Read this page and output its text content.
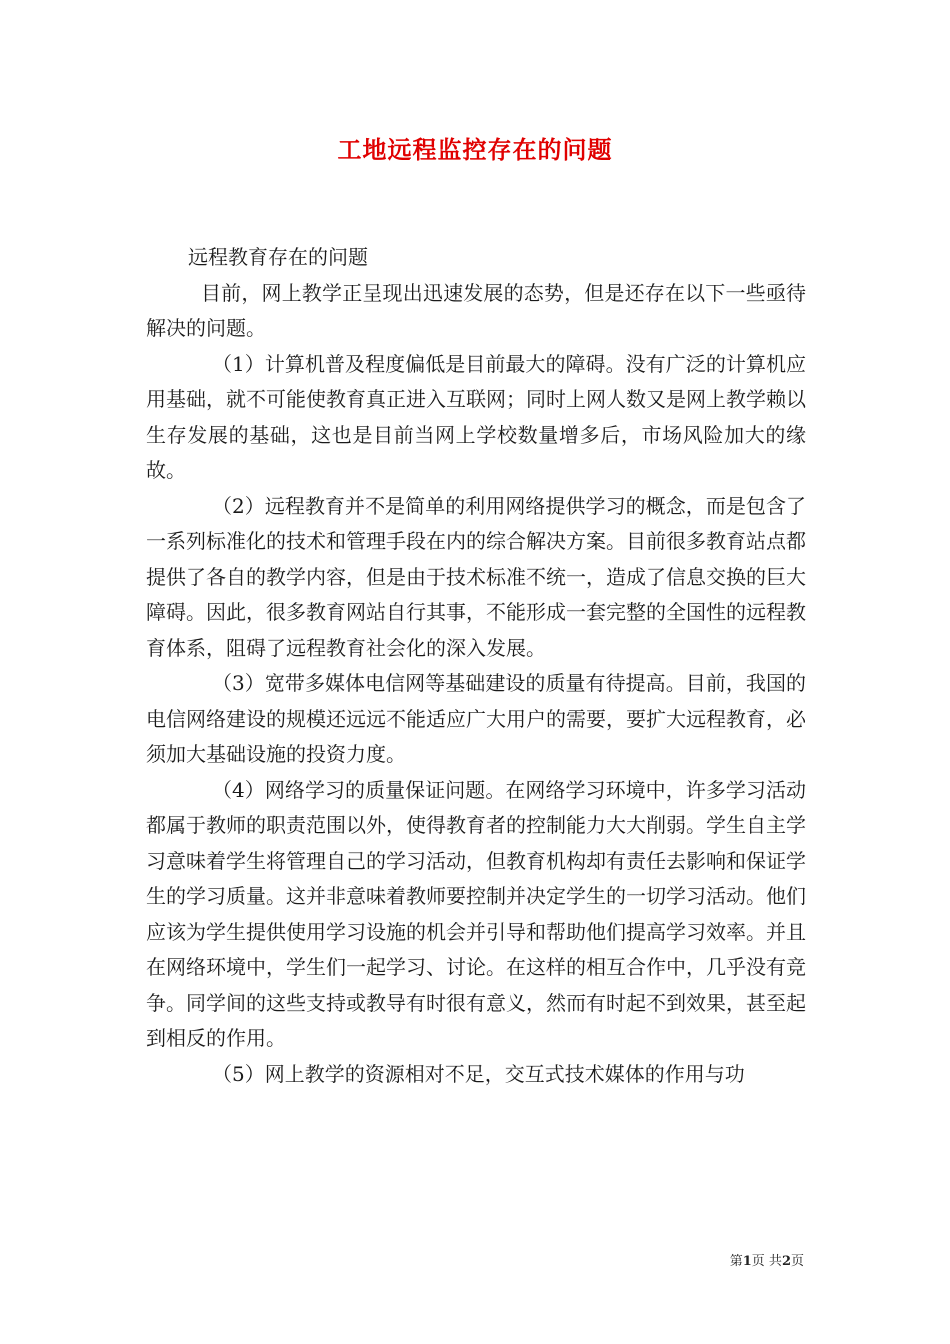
工地远程监控存在的问题

远程教育存在的问题

目前，网上教学正呈现出迅速发展的态势，但是还存在以下一些亟待解决的问题。

（1）计算机普及程度偏低是目前最大的障碍。没有广泛的计算机应用基础，就不可能使教育真正进入互联网；同时上网人数又是网上教学赖以生存发展的基础，这也是目前当网上学校数量增多后，市场风险加大的缘故。

（2）远程教育并不是简单的利用网络提供学习的概念，而是包含了一系列标准化的技术和管理手段在内的综合解决方案。目前很多教育站点都提供了各自的教学内容，但是由于技术标准不统一，造成了信息交换的巨大障碍。因此，很多教育网站自行其事，不能形成一套完整的全国性的远程教育体系，阻碍了远程教育社会化的深入发展。

（3）宽带多媒体电信网等基础建设的质量有待提高。目前，我国的电信网络建设的规模还远远不能适应广大用户的需要，要扩大远程教育，必须加大基础设施的投资力度。

（4）网络学习的质量保证问题。在网络学习环境中，许多学习活动都属于教师的职责范围以外，使得教育者的控制能力大大削弱。学生自主学习意味着学生将管理自己的学习活动，但教育机构却有责任去影响和保证学生的学习质量。这并非意味着教师要控制并决定学生的一切学习活动。他们应该为学生提供使用学习设施的机会并引导和帮助他们提高学习效率。并且在网络环境中，学生们一起学习、讨论。在这样的相互合作中，几乎没有竞争。同学间的这些支持或教导有时很有意义，然而有时起不到效果，甚至起到相反的作用。

（5）网上教学的资源相对不足，交互式技术媒体的作用与功

第1页 共2页
